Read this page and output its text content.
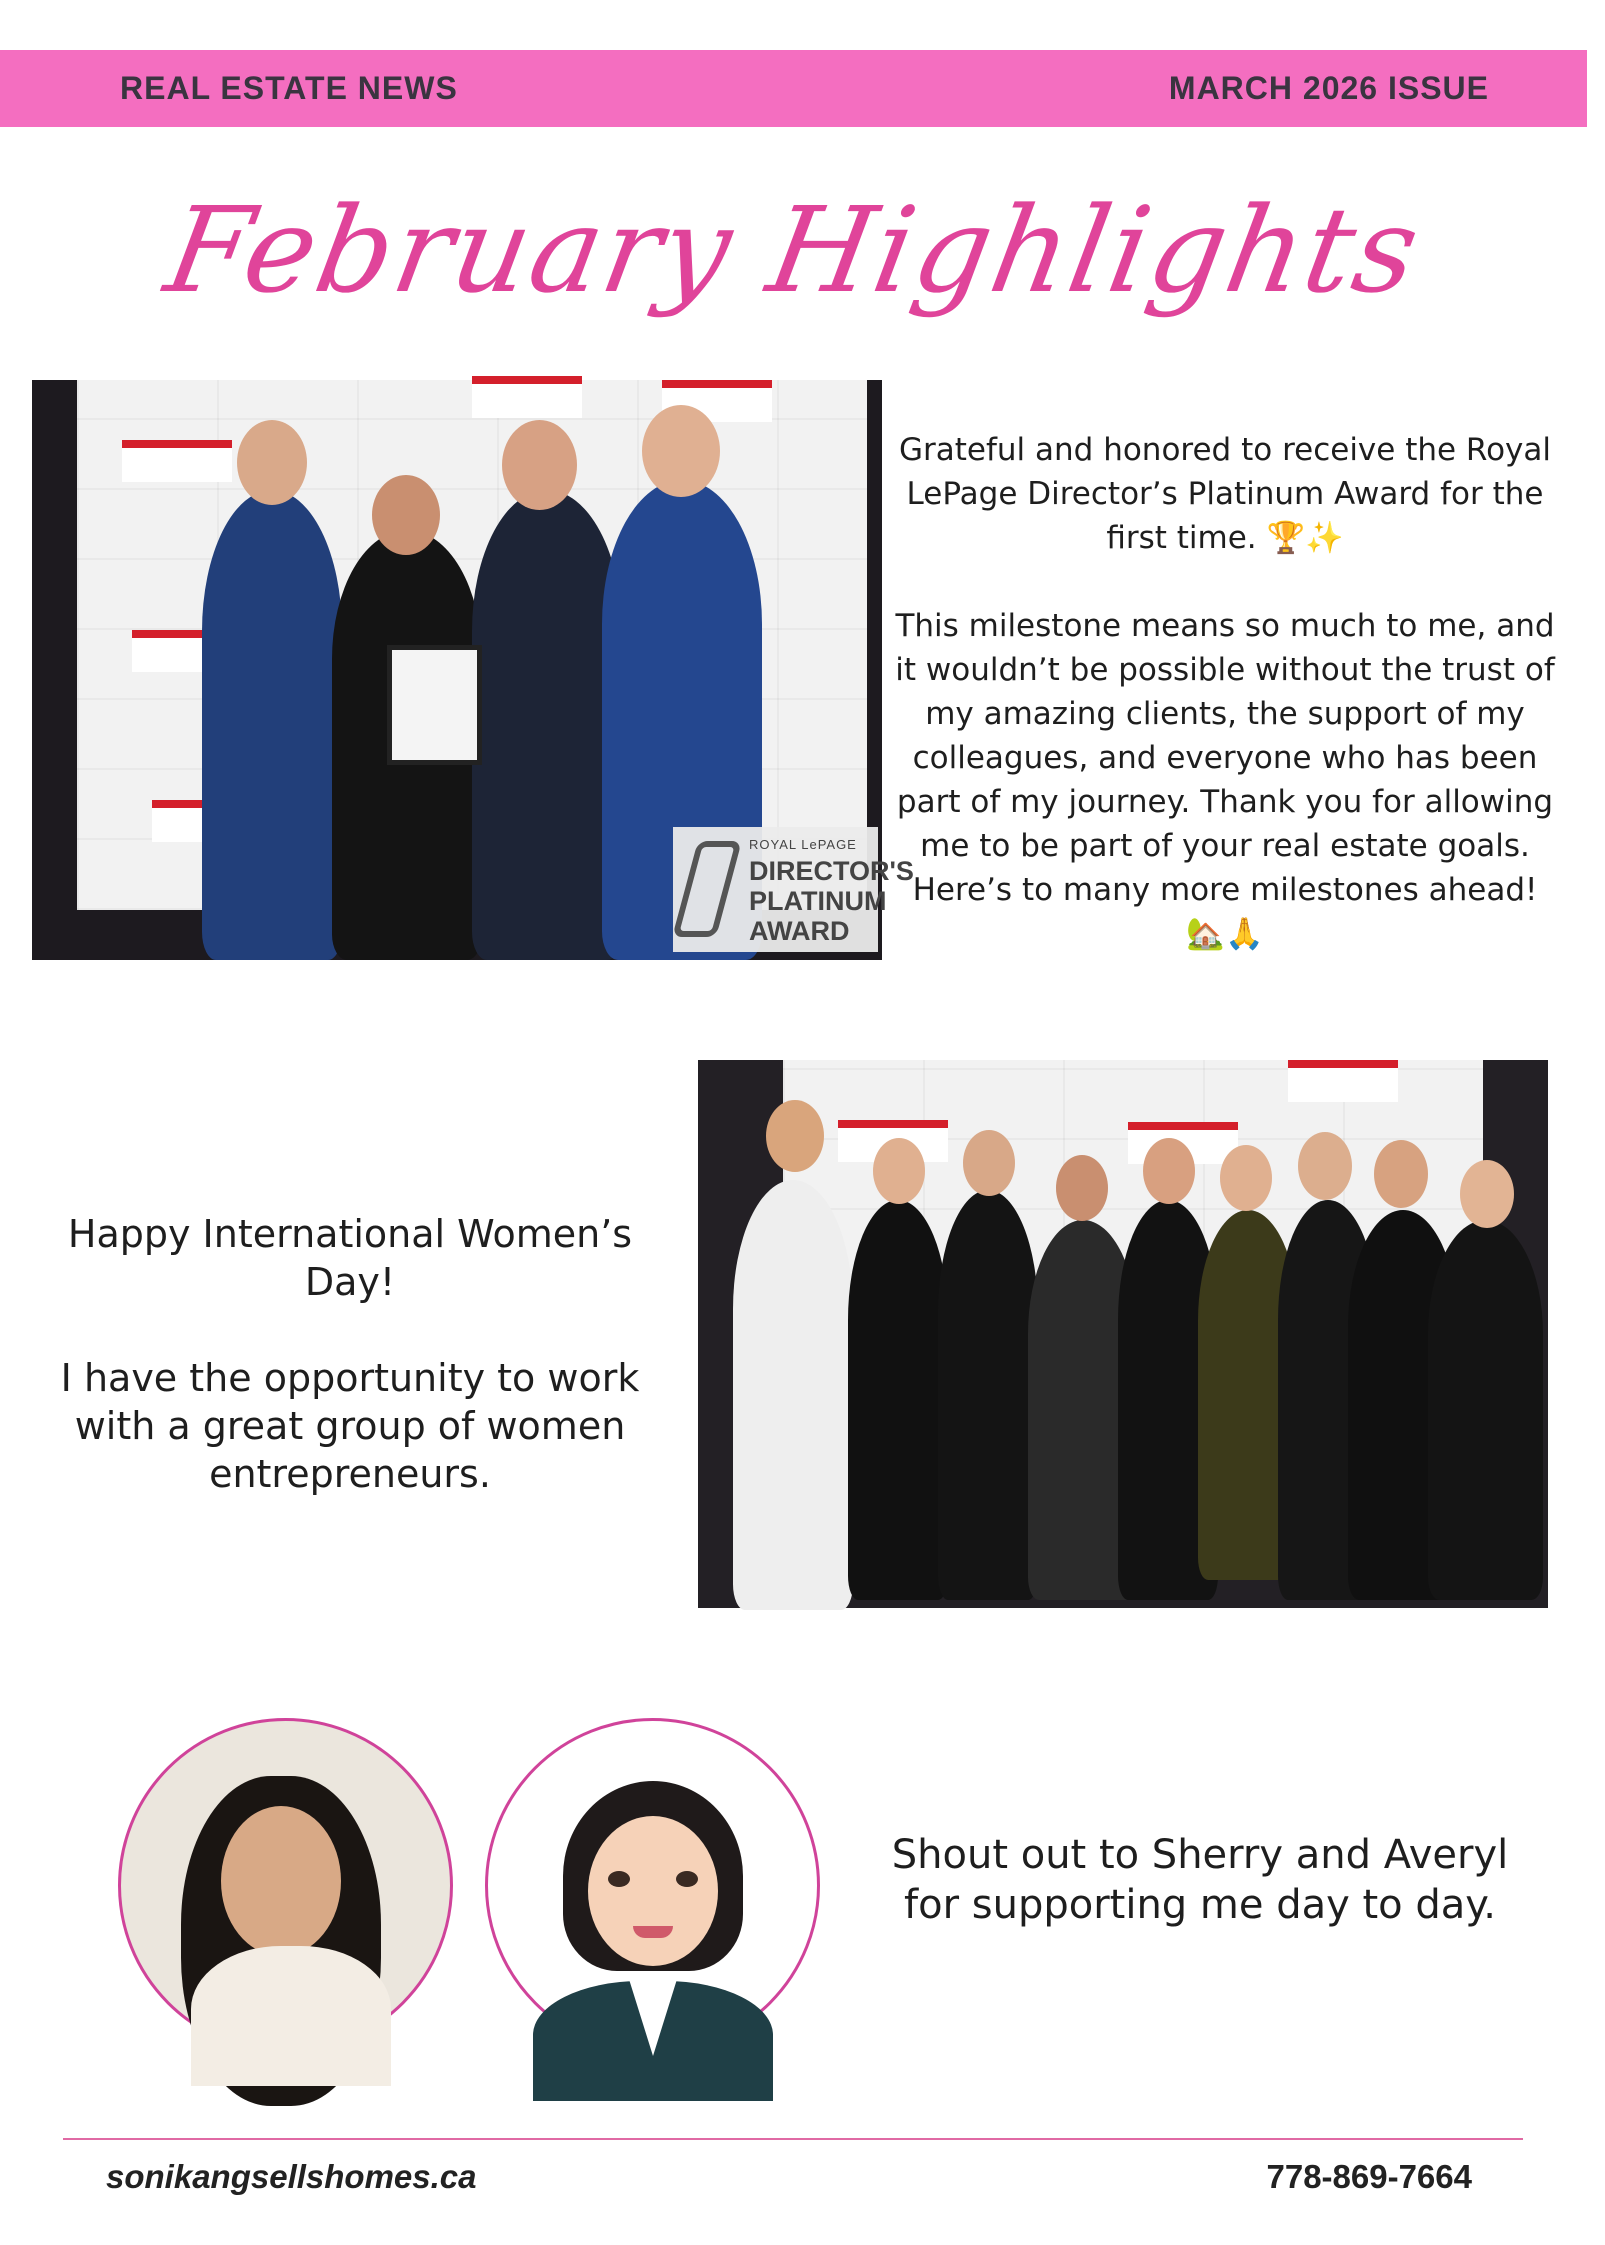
REAL ESTATE NEWS	MARCH 2026 ISSUE
February Highlights
ROYAL LePAGE
DIRECTOR'S
PLATINUM
AWARD

Grateful and honored to receive the Royal LePage Director’s Platinum Award for the first time. 🏆✨

This milestone means so much to me, and it wouldn’t be possible without the trust of my amazing clients, the support of my colleagues, and everyone who has been part of my journey. Thank you for allowing me to be part of your real estate goals. Here’s to many more milestones ahead! 🏡🙏

Happy International Women’s Day!

I have the opportunity to work with a great group of women entrepreneurs.

Shout out to Sherry and Averyl for supporting me day to day.
sonikangsellshomes.ca	778-869-7664
